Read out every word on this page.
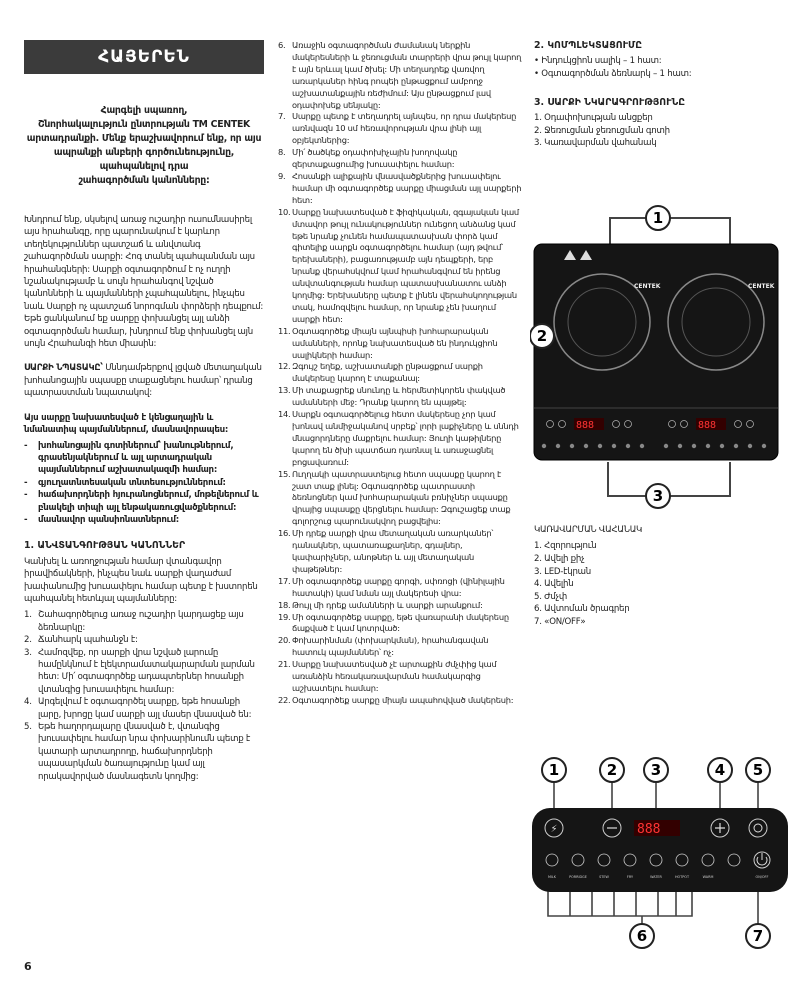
ՀԱՅԵՐԵՆ
Հարգելի սպառող,
Շնորհակալություն ընտրության TM CENTEK
արտադրանքի. Մենք երաշխավորում ենք, որ այս
ապրանքի անբերի գործունեությունը, պահպանելով դրա
շահագործման կանոնները:

Խնդրում ենք, սկսելով առաջ ուշադիր ուսումնասիրել այս հրահանգը, որը պարունակում է կարևոր տեղեկություններ պատշաճ և անվտանգ շահագործման սարքի: Հոգ տանել պահպանման այս հրահանգների: Սարքի օգտագործում է ոչ ուղղի նշանակությամբ և սույն հրահանգով նշված կանոնների և պայմանների չպահպանելու, ինչպես նաև Սարքի ոչ պատշաճ նորոգման փորձերի դեպքում: Եթե ցանկանում եք սարքը փոխանցել այլ անձի օգտագործման համար, խնդրում ենք փոխանցել այն սույն Հրահանգի հետ միասին:

ՍԱՐՔԻ ՆՊԱՏԱԿԸ՝ Սննդամթերքով լցված մետաղական խոհանոցային սպասքը տաքացնելու համար՝ դրանց պատրաստման նպատակով:

Այս սարքը նախատեսված է կենցաղային և նմանատիպ պայմաններում, մասնավորապես:
-	խոհանոցային գոտիներում՝ խանութներում, գրասենյակներում և այլ արտադրական պայմաններում աշխատակազմի համար:
-	գյուղատնտեսական տնտեսություններում:
-	հաճախորդների հյուրանոցներում, մոթելներում և բնակելի տիպի այլ ենթակառուցվածքներում:
-	մասնավոր պանսիոնատներում:
1. ԱՆՎՏԱՆԳՈՒԹՅԱՆ ԿԱՆՈՆՆԵՐ

Կանխել և առողջության համար վտանգավոր իրավիճակների, ինչպես նաև սարքի վաղաժամ խափանումից խուսափելու համար պետք է խստորեն պահպանել հետևյալ պայմանները:

1. Շահագործելուց առաջ ուշադիր կարդացեք այս ձեռնարկը:
2. Ճանհարկ պահանջն է:
3. Համոզվեք, որ սարքի վրա նշված լարումը համընկնում է էլեկտրամատակարարման լարման հետ: Մի՛ օգտագործեք ադապտերներ հոսանքի վտանգից խուսափելու համար:
4. Արգելվում է օգտագործել սարքը, եթե հոսանքի լարը, խրոցը կամ սարքի այլ մասեր վնասված են:
5. Եթե հաղորդալարը վնասված է, վտանգից խուսափելու համար նրա փոխարինումն պետք է կատարի արտադրողը, հաճախորդների սպասարկման ծառայությունը կամ այլ որակավորված մասնագետն կողմից:
6. Առաջին օգտագործման ժամանակ ներքին մակերեսների և ջեռուցման տարրերի վրա թույլ կարող է այն երևալ կամ ծխել: Մի տեղադրեք վառվող առարկաներ հինգ րոպեի ընթացքում ամբողջ աշխատանքային ռեժիմում: Այս ընթացքում լավ օդափոխեք սենյակը:
7. Սարքը պետք է տեղադրել այնպես, որ դրա մակերեսը առնվազն 10 սմ հեռավորության վրա լինի այլ օբյեկտներից:
8. Մի՛ ծածկեք օդափոխիչային խողովակը զերտաքացումից խուսափելու համար:
9. Հոսանքի ալիքային վնասվածքներից խուսափելու համար մի օգտագործեք սարքը միացման այլ սարքերի հետ:
10. Սարքը նախատեսված է ֆիզիկական, զգայական կամ մտավոր թույլ ունակություններ ունեցող անձանց կամ եթե նրանք չունեն համապատասխան փորձ կամ գիտելիք սարքն օգտագործելու համար (այդ թվում՝ երեխաների), բացառությամբ այն դեպքերի, երբ նրանք վերահսկվում կամ հրահանգվում են իրենց անվտանգության համար պատասխանատու անձի կողմից: Երեխաները պետք է լինեն վերահսկողության տակ, համոզվելու համար, որ նրանք չեն խաղում սարքի հետ:
11. Օգտագործեք միայն այնպիսի խոհարարական ամանների, որոնք նախատեսված են ինդուկցիոն սալիկների համար:
12. Զգույշ եղեք, աշխատանքի ընթացքում սարքի մակերեսը կարող է տաքանալ:
13. Մի տաքացրեք սնունդը և հերմետիկորեն փակված ամանների մեջ: Դրանք կարող են պայթել:
14. Սարքն օգտագործելուց հետո մակերեսը չոր կամ խոնավ անմիջականով սրբեք՝ լորի լաքիչները և սննդի մնացորդները մաքրելու համար: Յուղի կաթիլները կարող են ծխի պատճառ դառնալ և առաջացնել բոցավառում:
15. Ուղղակի պատրաստելուց հետո սպասքը կարող է շատ տաք լինել: Օգտագործեք պատրաստի ձեռնոցներ կամ խոհարարական բռնիչներ սպասքը վրայից սպասքը վերցնելու համար: Զգուշացեք տաք գոլորշուց պարունակվող բացվելիս:
16. Մի դրեք սարքի վրա մետաղական առարկաներ՝ դանակներ, պատառաքաղներ, գդալներ, կափարիչներ, անոթներ և այլ մետաղական փաթեթներ:
17. Մի օգտագործեք սարքը գորգի, սփռոցի (վինիլային հատակի) կամ նման այլ մակերեսի վրա:
18. Թույլ մի դրեք ամանների և սարքի արանքում:
19. Մի օգտագործեք սարքը, եթե վառարանի մակերեսը ճաքված է կամ կոտրված:
20. Փոխարինման (փոխարկման), հրահանգավան հատուկ պայմաններ՝ ոչ:
21. Սարքը նախատեսված չէ արտաքին ժմչփից կամ առանձին հեռակառավարման համակարգից աշխատելու համար:
22. Օգտագործեք սարքը միայն ապահովված մակերեսի:
2. ԿՈՄՊԼԵԿՏԱՑՈՒՄԸ
• Ինդուկցիոն սալիկ – 1 հատ:
• Օգտագործման ձեռնարկ – 1 հատ:
3. ՍԱՐՔԻ ՆԿԱՐԱԳՐՈՒԹՅՈՒՆԸ
1. Օդափոխության անցքեր
2. Ջեռուցման ջեռուցման գոտի
3. Կառավարման վահանակ
CENTEK	CENTEK
888	888
1
2
3
ԿԱՌԱՎԱՐՄԱՆ ՎԱՀԱՆԱԿ
1. Հզորություն
2. Ավելի քիչ
3. LED-էկրան
4. Ավելին
5. Ժմչփ
6. Ավտոման ծրագրեր
7. «ON/OFF»
⚡	888
MILK	PORRIDGE	STEW	FRY	WATER	HOTPOT	WARM	ON/OFF
1	2 3	4 5
6	7
6
